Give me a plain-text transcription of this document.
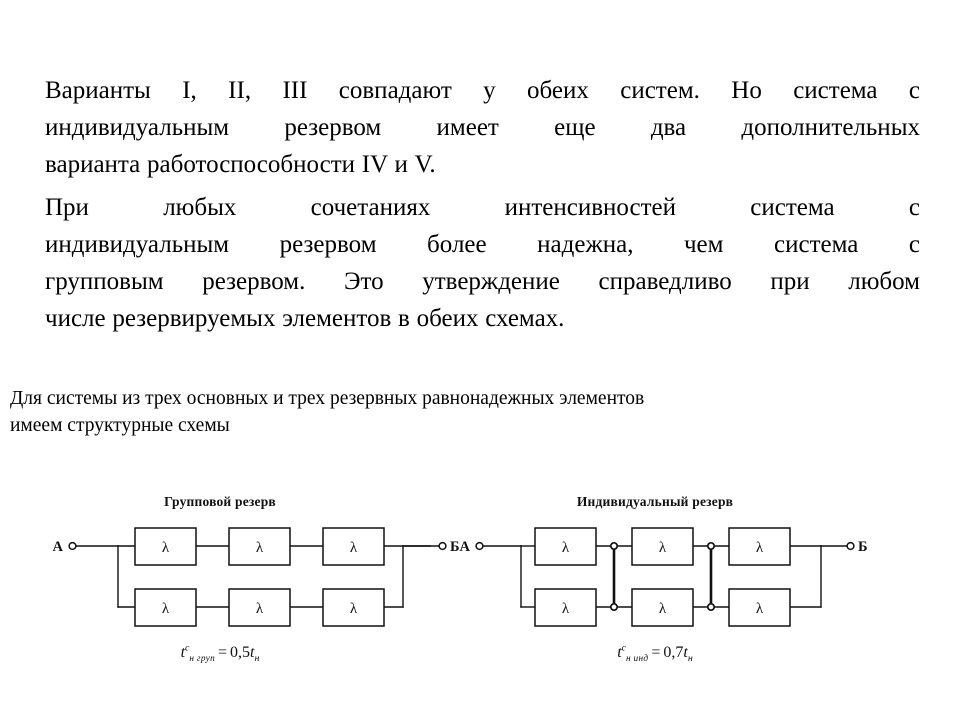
Варианты I, II, III совпадают у обеих систем. Но система с
индивидуальным резервом имеет еще два дополнительных
варианта работоспособности IV и V.

При любых сочетаниях интенсивностей система с
индивидуальным резервом более надежна, чем система с
групповым резервом. Это утверждение справедливо при любом
числе резервируемых элементов в обеих схемах.

Для системы из трех основных и трех резервных равнонадежных элементов
имеем структурные схемы
Групповой резерв
λ	λ	λ
λ	λ	λ
A	Б
$t^c_{н груп} = 0,5t_н$
Индивидуальный резерв
λ	λ	λ
λ	λ	λ
A	Б
$t^c_{н инд} = 0,7t_н$
